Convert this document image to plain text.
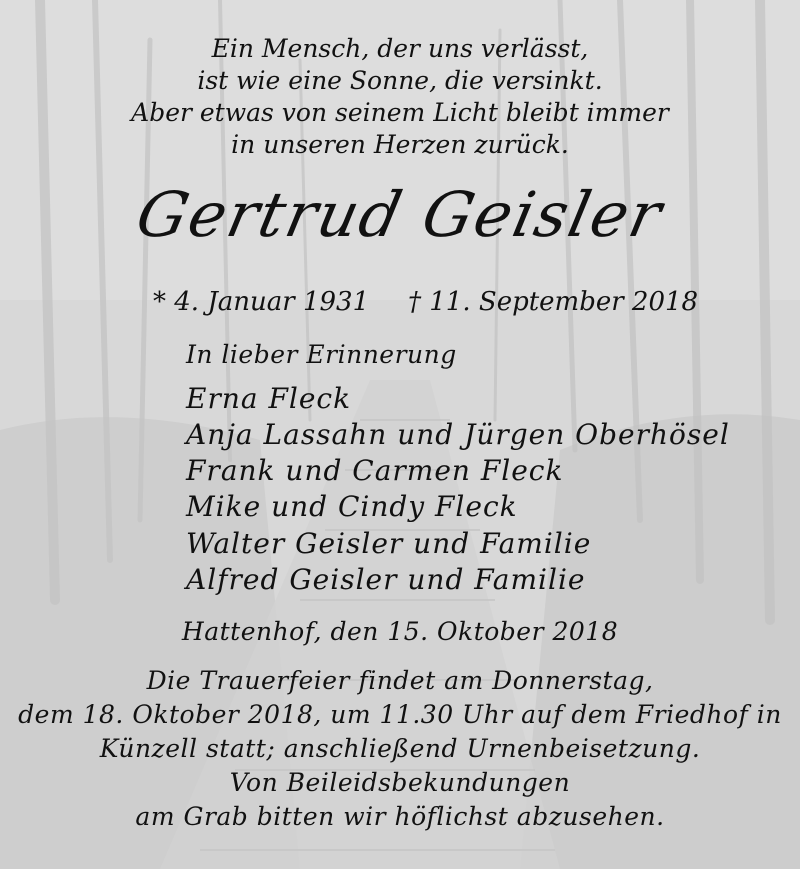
Ein Mensch, der uns verlässt,
ist wie eine Sonne, die versinkt.
Aber etwas von seinem Licht bleibt immer
in unseren Herzen zurück.
Gertrud Geisler
* 4. Januar 1931 † 11. September 2018
In lieber Erinnerung
Erna Fleck
Anja Lassahn und Jürgen Oberhösel
Frank und Carmen Fleck
Mike und Cindy Fleck
Walter Geisler und Familie
Alfred Geisler und Familie
Hattenhof, den 15. Oktober 2018
Die Trauerfeier findet am Donnerstag,
dem 18. Oktober 2018, um 11.30 Uhr auf dem Friedhof in
Künzell statt; anschließend Urnenbeisetzung.
Von Beileidsbekundungen
am Grab bitten wir höflichst abzusehen.
